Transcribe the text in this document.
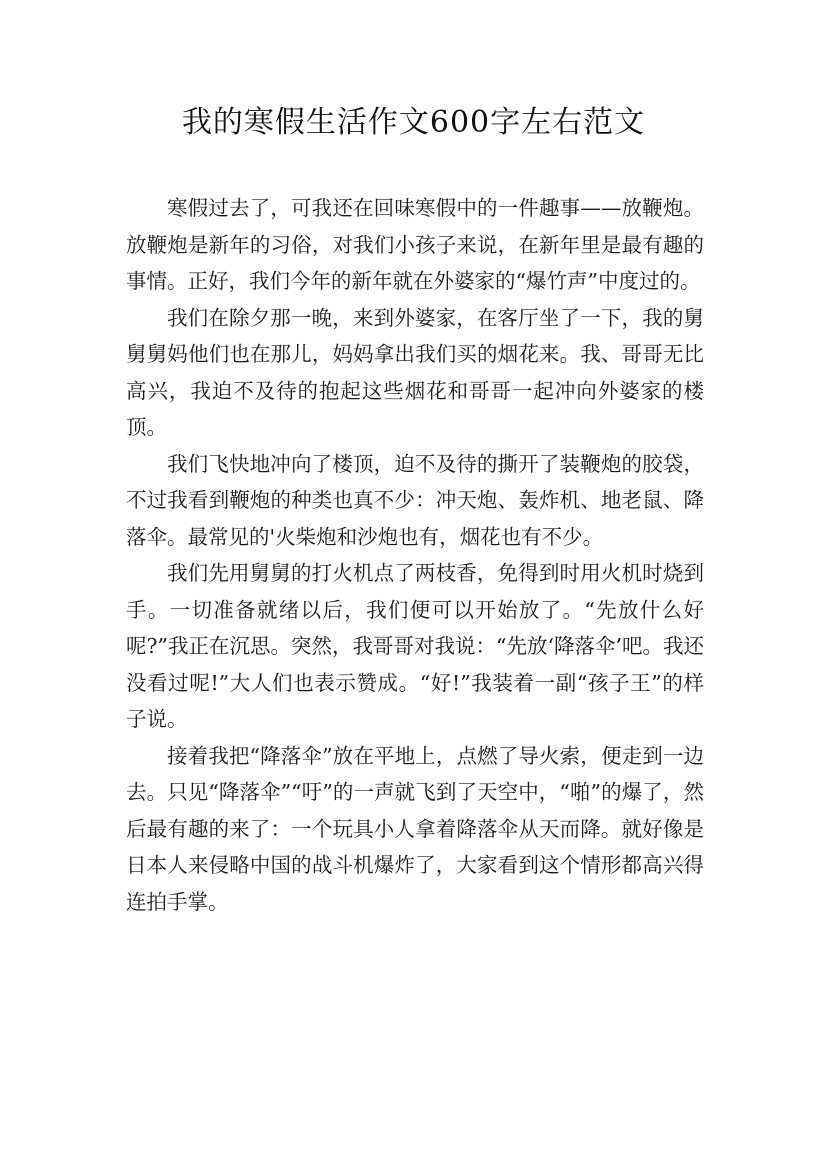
我的寒假生活作文600字左右范文

寒假过去了，可我还在回味寒假中的一件趣事——放鞭炮。放鞭炮是新年的习俗，对我们小孩子来说，在新年里是最有趣的事情。正好，我们今年的新年就在外婆家的“爆竹声”中度过的。

我们在除夕那一晚，来到外婆家，在客厅坐了一下，我的舅舅舅妈他们也在那儿，妈妈拿出我们买的烟花来。我、哥哥无比高兴，我迫不及待的抱起这些烟花和哥哥一起冲向外婆家的楼顶。

我们飞快地冲向了楼顶，迫不及待的撕开了装鞭炮的胶袋，不过我看到鞭炮的种类也真不少：冲天炮、轰炸机、地老鼠、降落伞。最常见的'火柴炮和沙炮也有，烟花也有不少。

我们先用舅舅的打火机点了两枝香，免得到时用火机时烧到手。一切准备就绪以后，我们便可以开始放了。“先放什么好呢?”我正在沉思。突然，我哥哥对我说：“先放‘降落伞’吧。我还没看过呢!”大人们也表示赞成。“好!”我装着一副“孩子王”的样子说。

接着我把“降落伞”放在平地上，点燃了导火索，便走到一边去。只见“降落伞”“吁”的一声就飞到了天空中，“啪”的爆了，然后最有趣的来了：一个玩具小人拿着降落伞从天而降。就好像是日本人来侵略中国的战斗机爆炸了，大家看到这个情形都高兴得连拍手掌。
